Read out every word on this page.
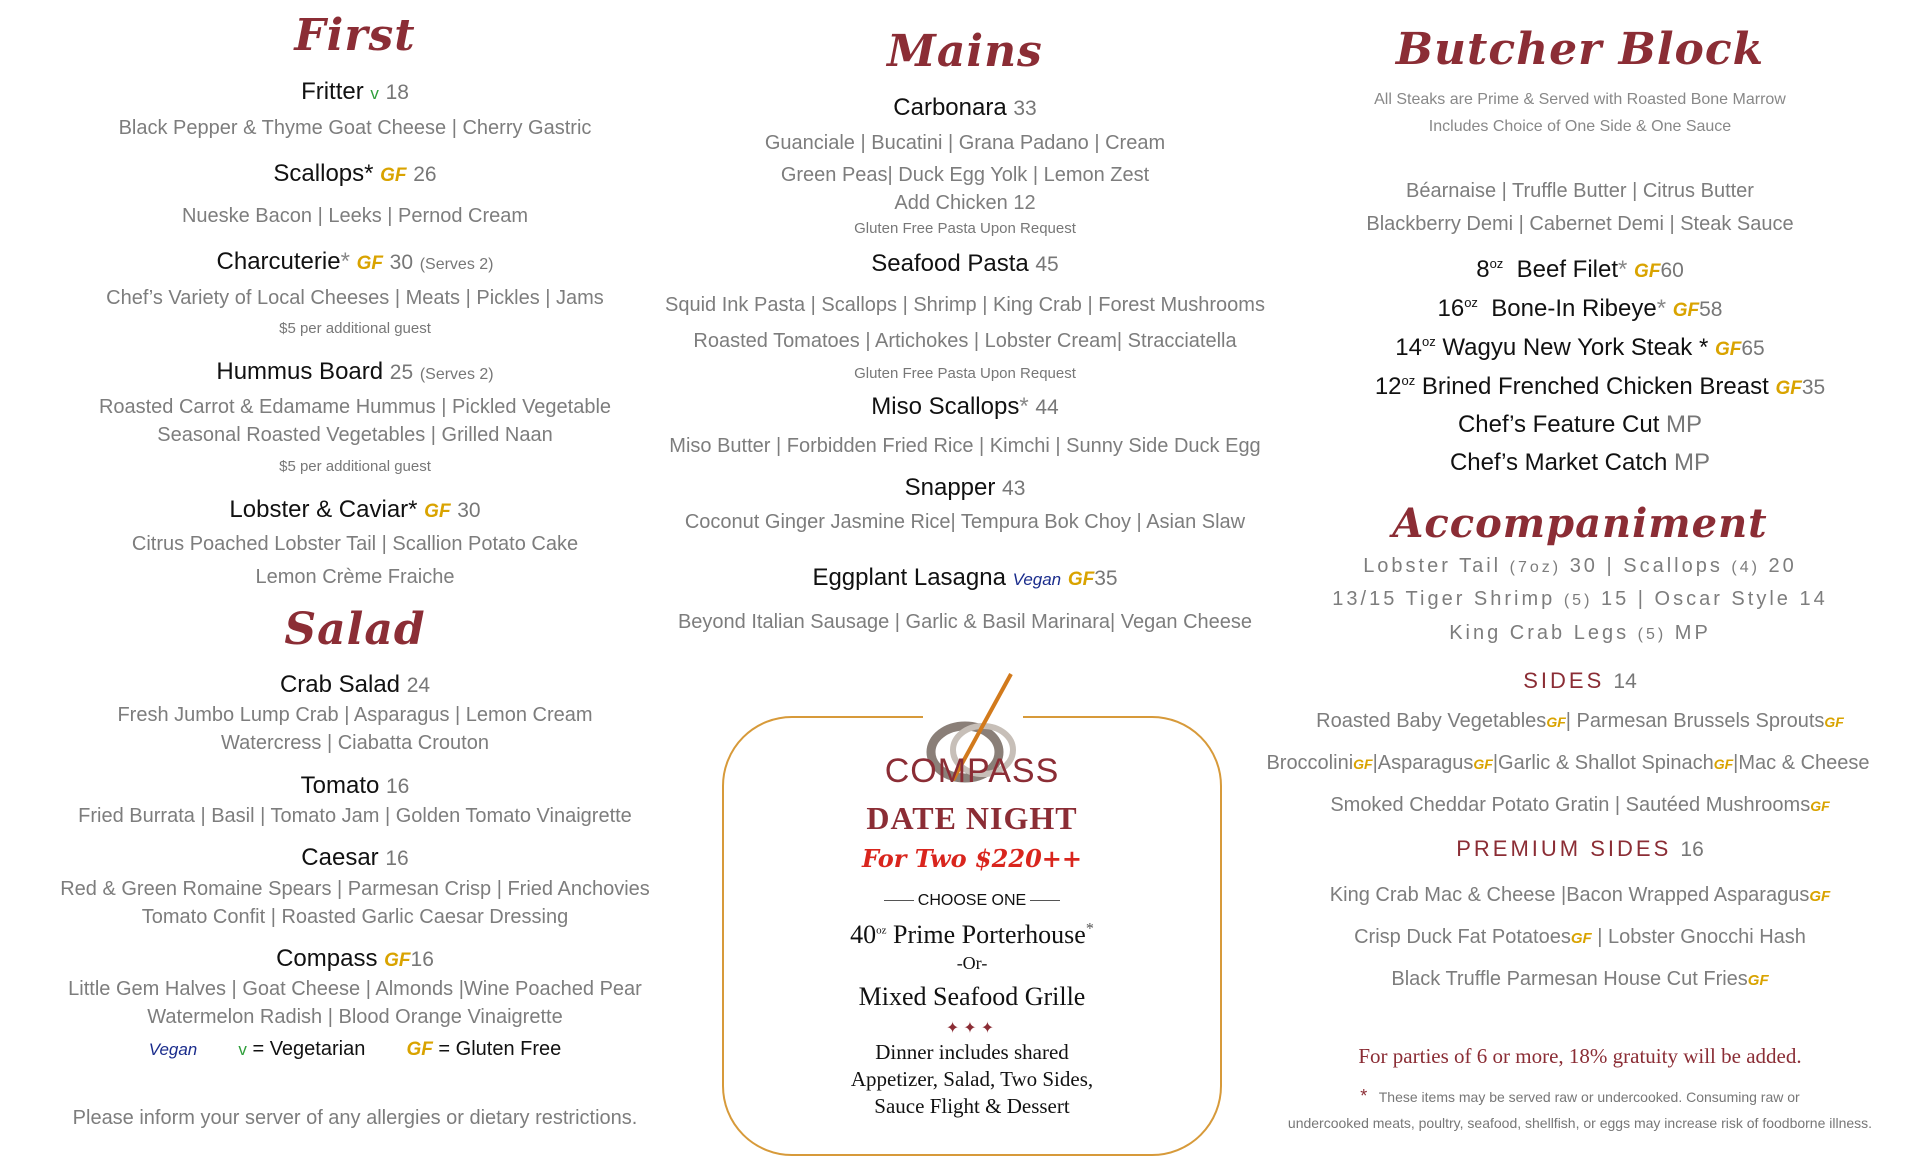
First
Fritter v 18
Black Pepper & Thyme Goat Cheese | Cherry Gastric
Scallops* GF 26
Nueske Bacon | Leeks | Pernod Cream
Charcuterie* GF 30 (Serves 2)
Chef’s Variety of Local Cheeses | Meats | Pickles | Jams
$5 per additional guest
Hummus Board 25 (Serves 2)
Roasted Carrot & Edamame Hummus | Pickled Vegetable
Seasonal Roasted Vegetables | Grilled Naan
$5 per additional guest
Lobster & Caviar* GF 30
Citrus Poached Lobster Tail | Scallion Potato Cake
Lemon Crème Fraiche
Salad
Crab Salad 24
Fresh Jumbo Lump Crab | Asparagus | Lemon Cream
Watercress | Ciabatta Crouton
Tomato 16
Fried Burrata | Basil | Tomato Jam | Golden Tomato Vinaigrette
Caesar 16
Red & Green Romaine Spears | Parmesan Crisp | Fried Anchovies
Tomato Confit | Roasted Garlic Caesar Dressing
Compass GF16
Little Gem Halves | Goat Cheese | Almonds |Wine Poached Pear
Watermelon Radish | Blood Orange Vinaigrette
Vegan v = Vegetarian GF = Gluten Free
Please inform your server of any allergies or dietary restrictions.
Mains
Carbonara 33
Guanciale | Bucatini | Grana Padano | Cream
Green Peas| Duck Egg Yolk | Lemon Zest
Add Chicken 12
Gluten Free Pasta Upon Request
Seafood Pasta 45
Squid Ink Pasta | Scallops | Shrimp | King Crab | Forest Mushrooms
Roasted Tomatoes | Artichokes | Lobster Cream| Stracciatella
Gluten Free Pasta Upon Request
Miso Scallops* 44
Miso Butter | Forbidden Fried Rice | Kimchi | Sunny Side Duck Egg
Snapper 43
Coconut Ginger Jasmine Rice| Tempura Bok Choy | Asian Slaw
Eggplant Lasagna Vegan GF35
Beyond Italian Sausage | Garlic & Basil Marinara| Vegan Cheese
COMPASS
DATE NIGHT
For Two $220++
CHOOSE ONE
$40^{oz}$ Prime Porterhouse*
-Or-
Mixed Seafood Grille
✦✦✦
Dinner includes shared
Appetizer, Salad, Two Sides,
Sauce Flight & Dessert
Butcher Block
All Steaks are Prime & Served with Roasted Bone Marrow
Includes Choice of One Side & One Sauce
Béarnaise | Truffle Butter | Citrus Butter
Blackberry Demi | Cabernet Demi | Steak Sauce
$8^{oz}$ Beef Filet* GF60
$16^{oz}$ Bone-In Ribeye* GF58
$14^{oz}$ Wagyu New York Steak * GF65
$12^{oz}$ Brined Frenched Chicken Breast GF35
Chef’s Feature Cut MP
Chef’s Market Catch MP
Accompaniment
Lobster Tail (7oz) 30 | Scallops (4) 20
13/15 Tiger Shrimp (5) 15 | Oscar Style 14
King Crab Legs (5) MP
SIDES 14
Roasted Baby VegetablesGF| Parmesan Brussels SproutsGF
BroccoliniGF|AsparagusGF|Garlic & Shallot SpinachGF|Mac & Cheese
Smoked Cheddar Potato Gratin | Sautéed MushroomsGF
PREMIUM SIDES 16
King Crab Mac & Cheese |Bacon Wrapped AsparagusGF
Crisp Duck Fat PotatoesGF | Lobster Gnocchi Hash
Black Truffle Parmesan House Cut FriesGF
For parties of 6 or more, 18% gratuity will be added.
* These items may be served raw or undercooked. Consuming raw or
undercooked meats, poultry, seafood, shellfish, or eggs may increase risk of foodborne illness.
